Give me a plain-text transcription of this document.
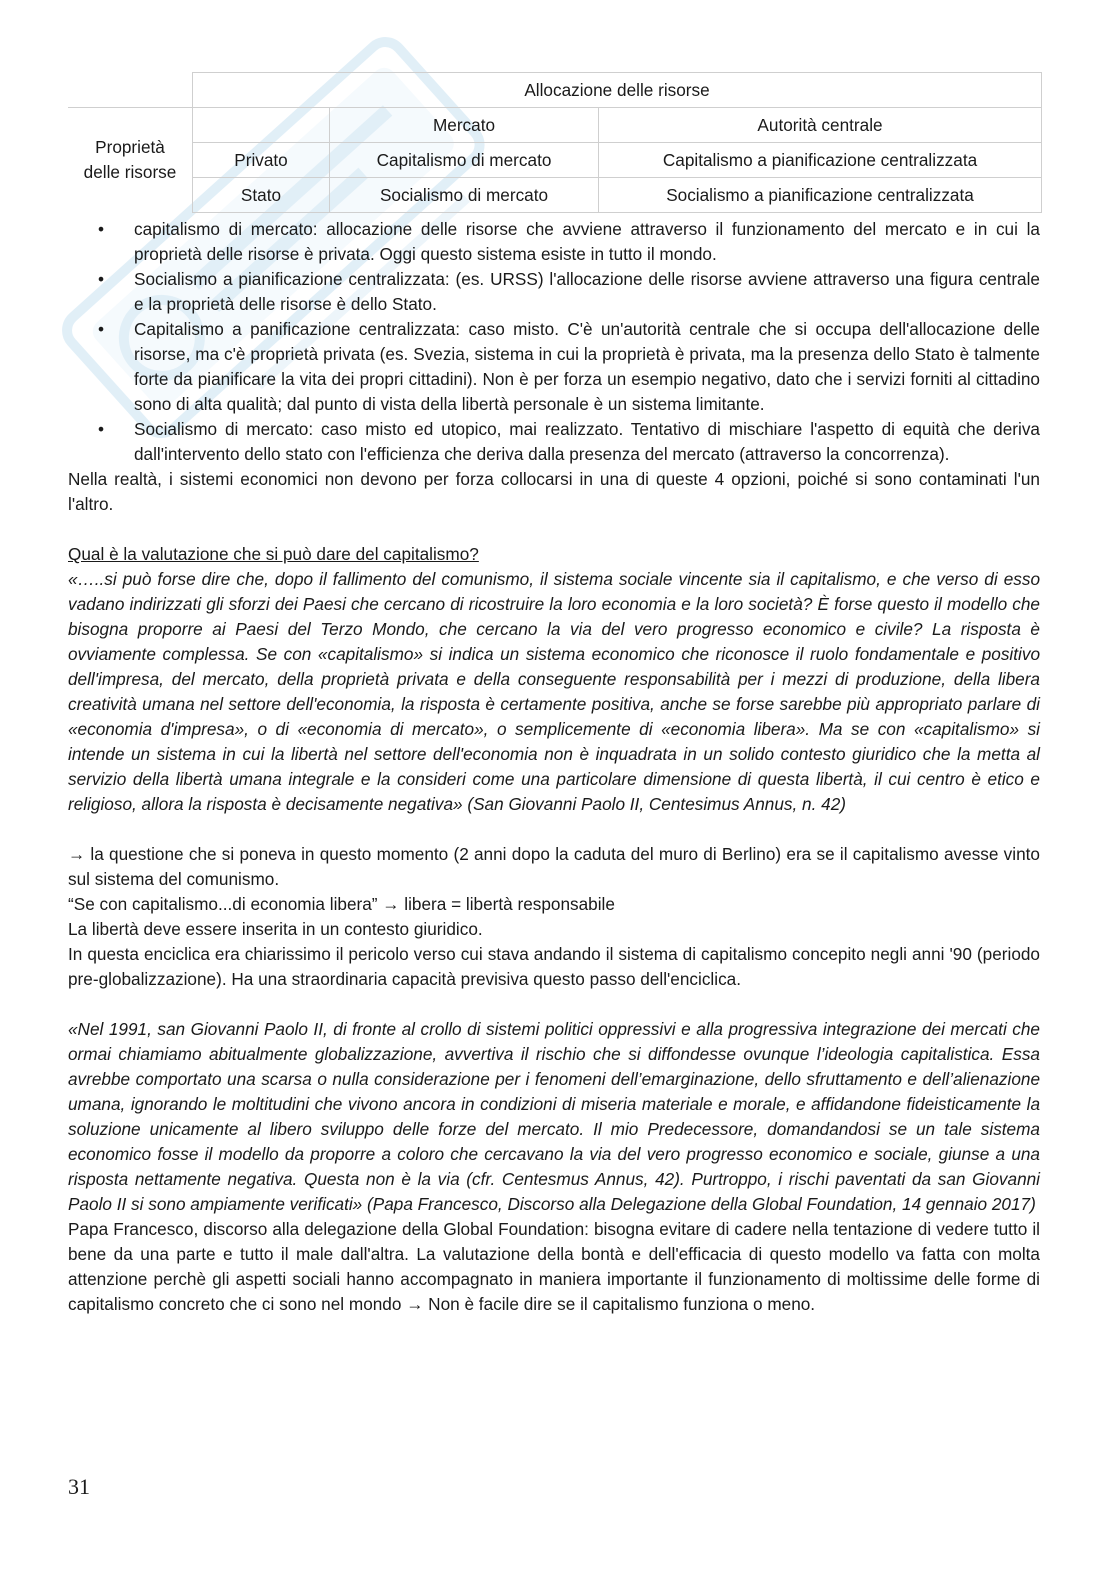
	Allocazione delle risorse		

Proprietà delle risorse		Mercato	Autorità centrale
	Privato	Capitalismo di mercato	Capitalismo a pianificazione centralizzata
	Stato	Socialismo di mercato	Socialismo a pianificazione centralizzata
• capitalismo di mercato: allocazione delle risorse che avviene attraverso il funzionamento del mercato e in cui la proprietà delle risorse è privata. Oggi questo sistema esiste in tutto il mondo.
• Socialismo a pianificazione centralizzata: (es. URSS) l'allocazione delle risorse avviene attraverso una figura centrale e la proprietà delle risorse è dello Stato.
• Capitalismo a panificazione centralizzata: caso misto. C'è un'autorità centrale che si occupa dell'allocazione delle risorse, ma c'è proprietà privata (es. Svezia, sistema in cui la proprietà è privata, ma la presenza dello Stato è talmente forte da pianificare la vita dei propri cittadini). Non è per forza un esempio negativo, dato che i servizi forniti al cittadino sono di alta qualità; dal punto di vista della libertà personale è un sistema limitante.
• Socialismo di mercato: caso misto ed utopico, mai realizzato. Tentativo di mischiare l'aspetto di equità che deriva dall'intervento dello stato con l'efficienza che deriva dalla presenza del mercato (attraverso la concorrenza).

Nella realtà, i sistemi economici non devono per forza collocarsi in una di queste 4 opzioni, poiché si sono contaminati l'un l'altro.

Qual è la valutazione che si può dare del capitalismo?

«…..si può forse dire che, dopo il fallimento del comunismo, il sistema sociale vincente sia il capitalismo, e che verso di esso vadano indirizzati gli sforzi dei Paesi che cercano di ricostruire la loro economia e la loro società? È forse questo il modello che bisogna proporre ai Paesi del Terzo Mondo, che cercano la via del vero progresso economico e civile? La risposta è ovviamente complessa. Se con «capitalismo» si indica un sistema economico che riconosce il ruolo fondamentale e positivo dell'impresa, del mercato, della proprietà privata e della conseguente responsabilità per i mezzi di produzione, della libera creatività umana nel settore dell'economia, la risposta è certamente positiva, anche se forse sarebbe più appropriato parlare di «economia d'impresa», o di «economia di mercato», o semplicemente di «economia libera». Ma se con «capitalismo» si intende un sistema in cui la libertà nel settore dell'economia non è inquadrata in un solido contesto giuridico che la metta al servizio della libertà umana integrale e la consideri come una particolare dimensione di questa libertà, il cui centro è etico e religioso, allora la risposta è decisamente negativa» (San Giovanni Paolo II, Centesimus Annus, n. 42)

→ la questione che si poneva in questo momento (2 anni dopo la caduta del muro di Berlino) era se il capitalismo avesse vinto sul sistema del comunismo.

“Se con capitalismo...di economia libera” → libera = libertà responsabile

La libertà deve essere inserita in un contesto giuridico.

In questa enciclica era chiarissimo il pericolo verso cui stava andando il sistema di capitalismo concepito negli anni '90 (periodo pre-globalizzazione). Ha una straordinaria capacità previsiva questo passo dell'enciclica.

«Nel 1991, san Giovanni Paolo II, di fronte al crollo di sistemi politici oppressivi e alla progressiva integrazione dei mercati che ormai chiamiamo abitualmente globalizzazione, avvertiva il rischio che si diffondesse ovunque l’ideologia capitalistica. Essa avrebbe comportato una scarsa o nulla considerazione per i fenomeni dell’emarginazione, dello sfruttamento e dell’alienazione umana, ignorando le moltitudini che vivono ancora in condizioni di miseria materiale e morale, e affidandone fideisticamente la soluzione unicamente al libero sviluppo delle forze del mercato. Il mio Predecessore, domandandosi se un tale sistema economico fosse il modello da proporre a coloro che cercavano la via del vero progresso economico e sociale, giunse a una risposta nettamente negativa. Questa non è la via (cfr. Centesmus Annus, 42). Purtroppo, i rischi paventati da san Giovanni Paolo II si sono ampiamente verificati» (Papa Francesco, Discorso alla Delegazione della Global Foundation, 14 gennaio 2017)

Papa Francesco, discorso alla delegazione della Global Foundation: bisogna evitare di cadere nella tentazione di vedere tutto il bene da una parte e tutto il male dall'altra. La valutazione della bontà e dell'efficacia di questo modello va fatta con molta attenzione perchè gli aspetti sociali hanno accompagnato in maniera importante il funzionamento di moltissime delle forme di capitalismo concreto che ci sono nel mondo → Non è facile dire se il capitalismo funziona o meno.

31
